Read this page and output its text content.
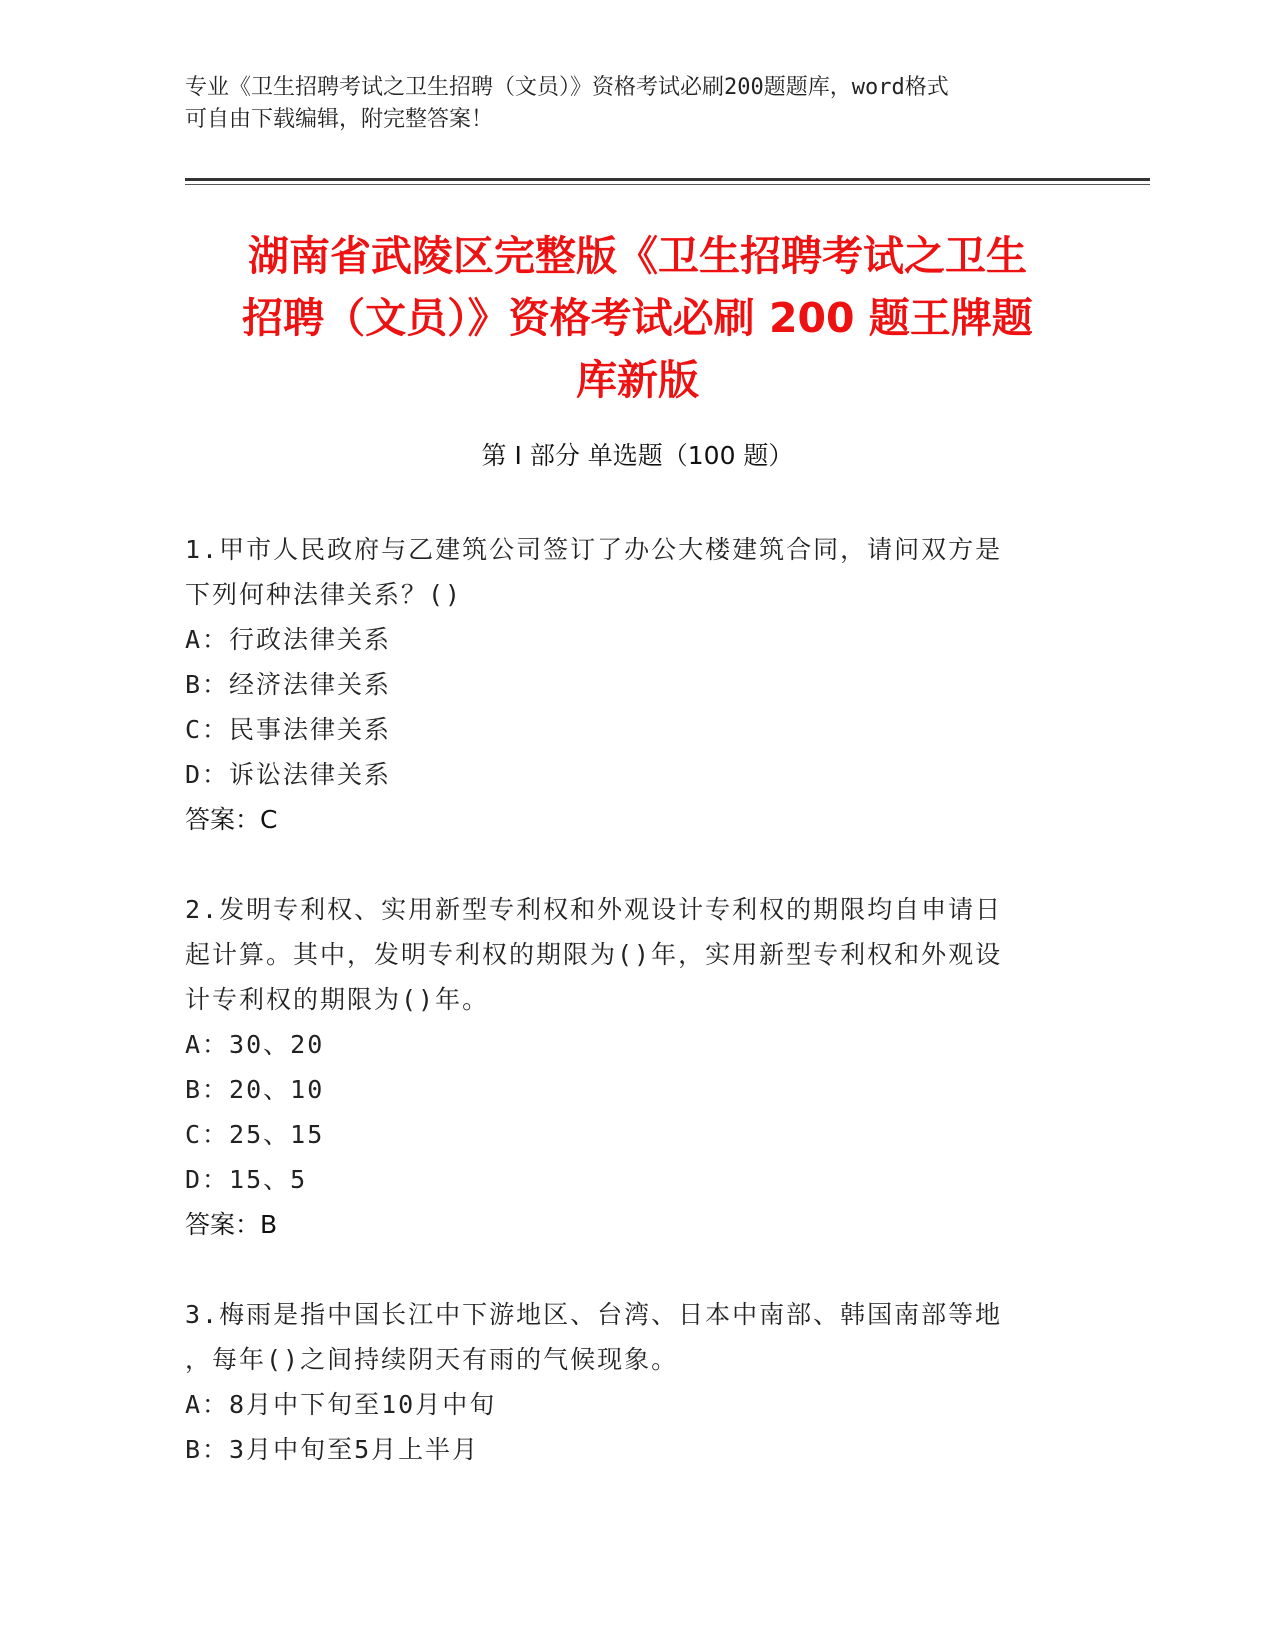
专业《卫生招聘考试之卫生招聘（文员）》资格考试必刷200题题库，word格式
可自由下载编辑，附完整答案！
湖南省武陵区完整版《卫生招聘考试之卫生
招聘（文员）》资格考试必刷 200 题王牌题
库新版
第 I 部分 单选题（100 题）
1.甲市人民政府与乙建筑公司签订了办公大楼建筑合同，请问双方是
下列何种法律关系？()
A：行政法律关系
B：经济法律关系
C：民事法律关系
D：诉讼法律关系
答案：C
2.发明专利权、实用新型专利权和外观设计专利权的期限均自申请日
起计算。其中，发明专利权的期限为()年，实用新型专利权和外观设
计专利权的期限为()年。
A：30、20
B：20、10
C：25、15
D：15、5
答案：B
3.梅雨是指中国长江中下游地区、台湾、日本中南部、韩国南部等地
，每年()之间持续阴天有雨的气候现象。
A：8月中下旬至10月中旬
B：3月中旬至5月上半月
